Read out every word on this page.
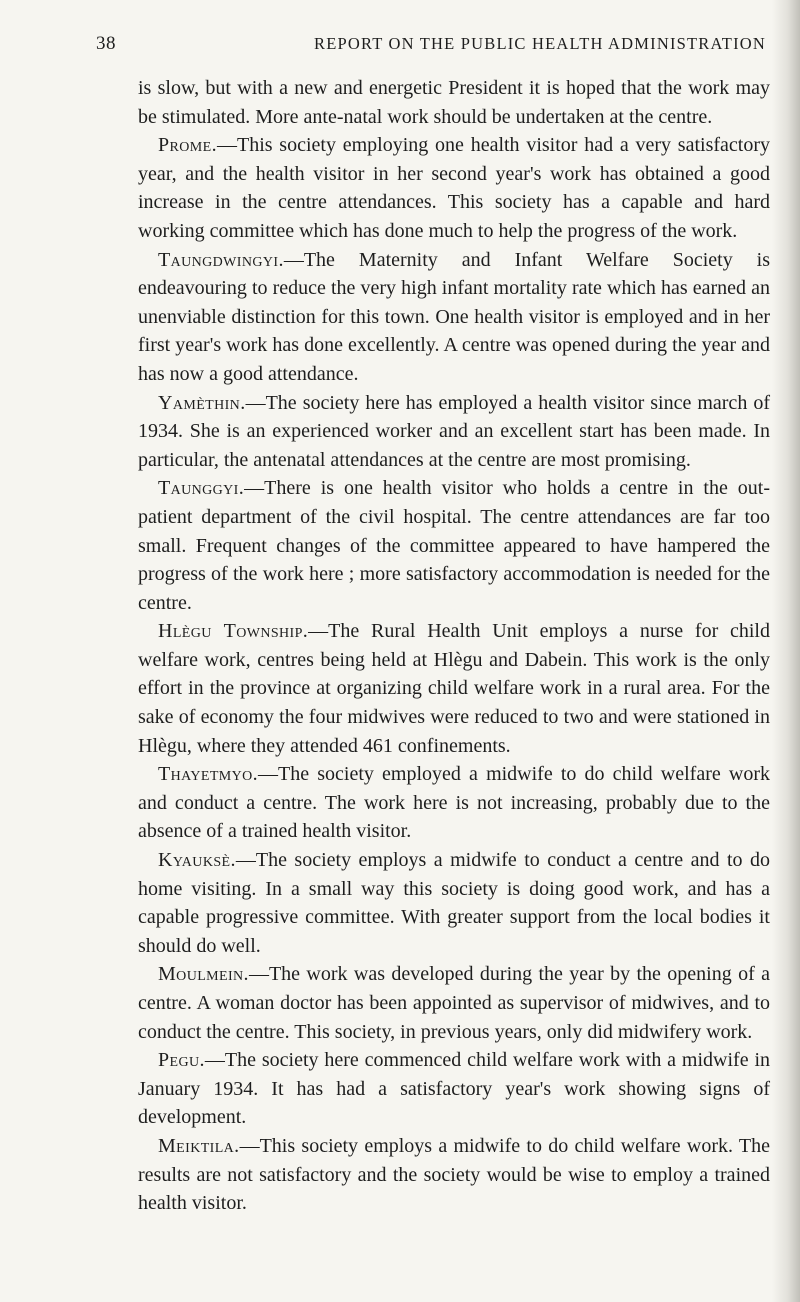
38	REPORT ON THE PUBLIC HEALTH ADMINISTRATION

is slow, but with a new and energetic President it is hoped that the work may be stimulated. More ante-natal work should be undertaken at the centre.

Prome.—This society employing one health visitor had a very satisfactory year, and the health visitor in her second year's work has obtained a good increase in the centre attendances. This society has a capable and hard working committee which has done much to help the progress of the work.

Taungdwingyi.—The Maternity and Infant Welfare Society is endeavouring to reduce the very high infant mortality rate which has earned an unenviable distinction for this town. One health visitor is employed and in her first year's work has done excellently. A centre was opened during the year and has now a good attendance.

Yamèthin.—The society here has employed a health visitor since march of 1934. She is an experienced worker and an excellent start has been made. In particular, the antenatal attendances at the centre are most promising.

Taunggyi.—There is one health visitor who holds a centre in the out-patient department of the civil hospital. The centre attendances are far too small. Frequent changes of the committee appeared to have hampered the progress of the work here ; more satisfactory accommodation is needed for the centre.

Hlègu Township.—The Rural Health Unit employs a nurse for child welfare work, centres being held at Hlègu and Dabein. This work is the only effort in the province at organizing child welfare work in a rural area. For the sake of economy the four midwives were reduced to two and were stationed in Hlègu, where they attended 461 confinements.

Thayetmyo.—The society employed a midwife to do child welfare work and conduct a centre. The work here is not increasing, probably due to the absence of a trained health visitor.

Kyauksè.—The society employs a midwife to conduct a centre and to do home visiting. In a small way this society is doing good work, and has a capable progressive committee. With greater support from the local bodies it should do well.

Moulmein.—The work was developed during the year by the opening of a centre. A woman doctor has been appointed as supervisor of midwives, and to conduct the centre. This society, in previous years, only did midwifery work.

Pegu.—The society here commenced child welfare work with a midwife in January 1934. It has had a satisfactory year's work showing signs of development.

Meiktila.—This society employs a midwife to do child welfare work. The results are not satisfactory and the society would be wise to employ a trained health visitor.
